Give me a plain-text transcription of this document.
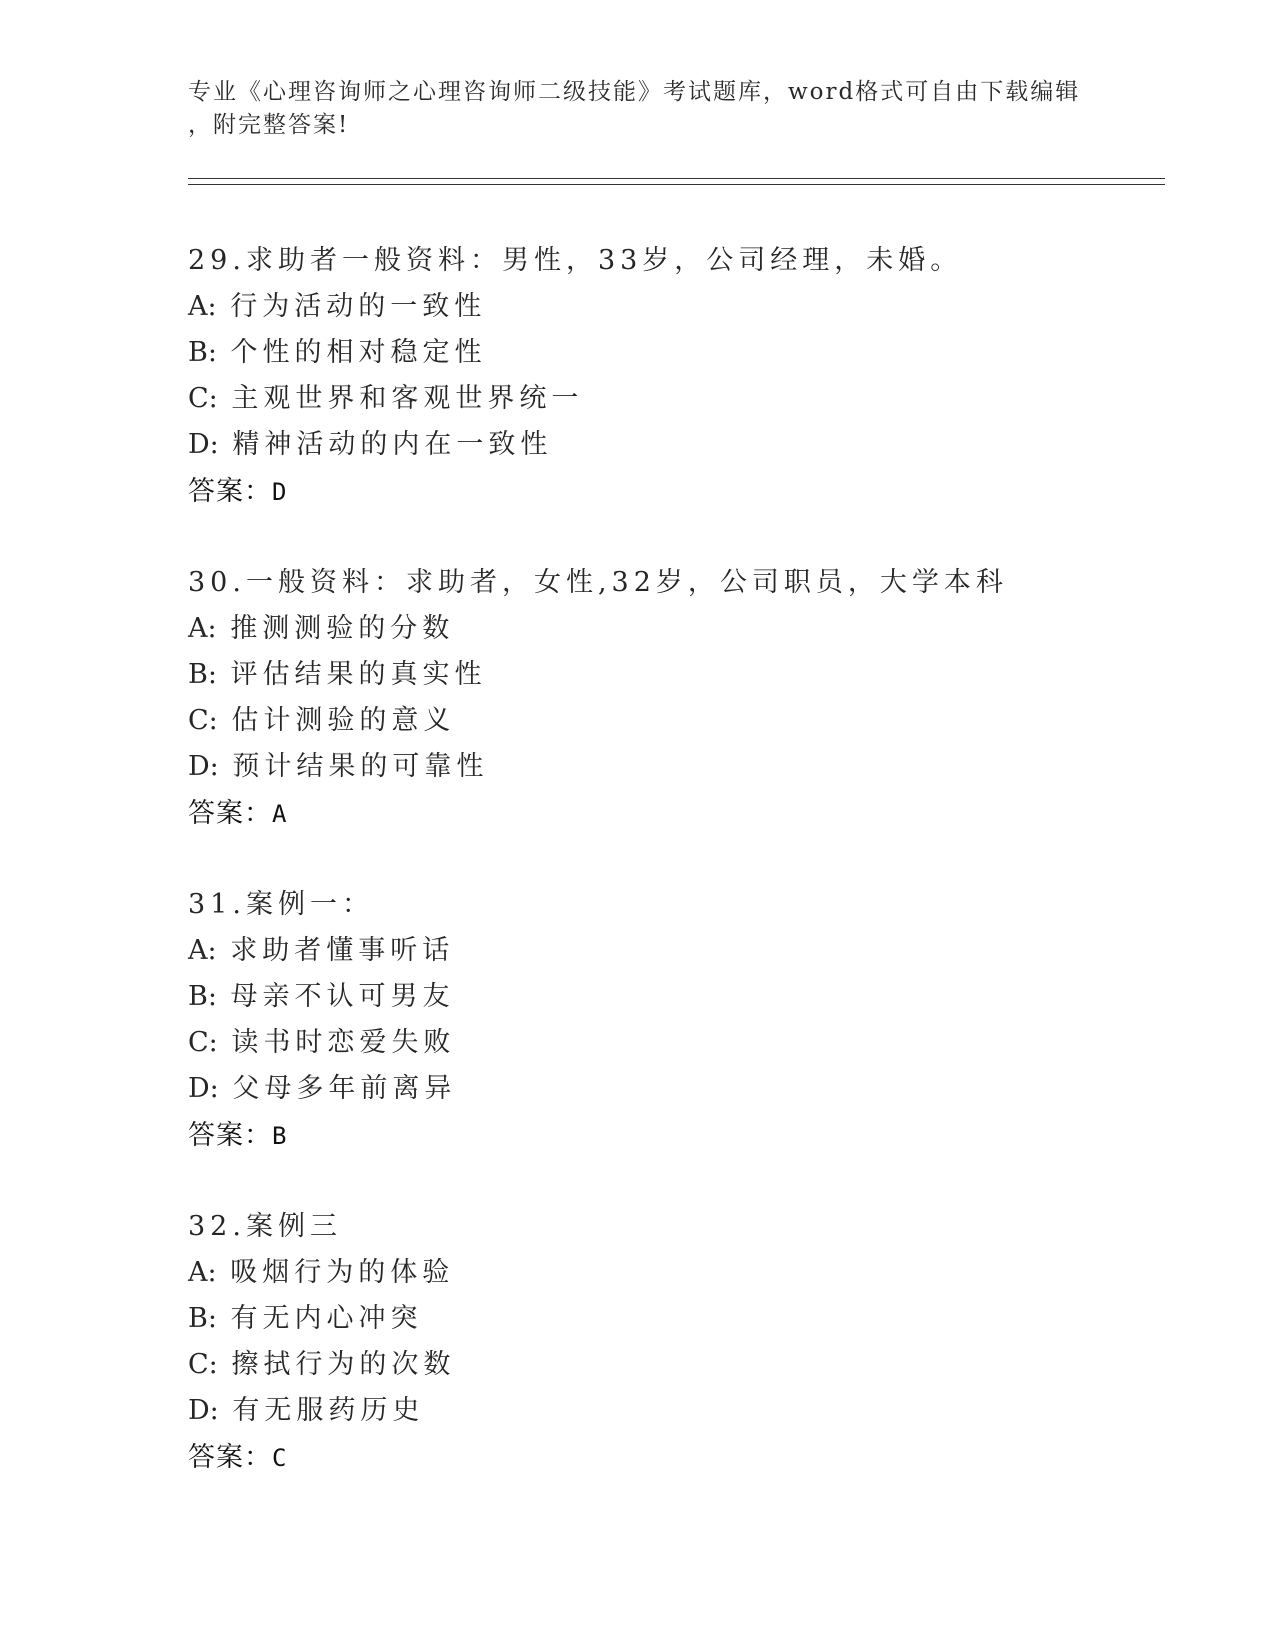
专业《心理咨询师之心理咨询师二级技能》考试题库，word格式可自由下载编辑
，附完整答案!
29.求助者一般资料：男性，33岁，公司经理，未婚。
A: 行为活动的一致性
B: 个性的相对稳定性
C: 主观世界和客观世界统一
D: 精神活动的内在一致性
答案：D
30.一般资料：求助者，女性,32岁，公司职员，大学本科
A: 推测测验的分数
B: 评估结果的真实性
C: 估计测验的意义
D: 预计结果的可靠性
答案：A
31.案例一：
A: 求助者懂事听话
B: 母亲不认可男友
C: 读书时恋爱失败
D: 父母多年前离异
答案：B
32.案例三
A: 吸烟行为的体验
B: 有无内心冲突
C: 擦拭行为的次数
D: 有无服药历史
答案：C
